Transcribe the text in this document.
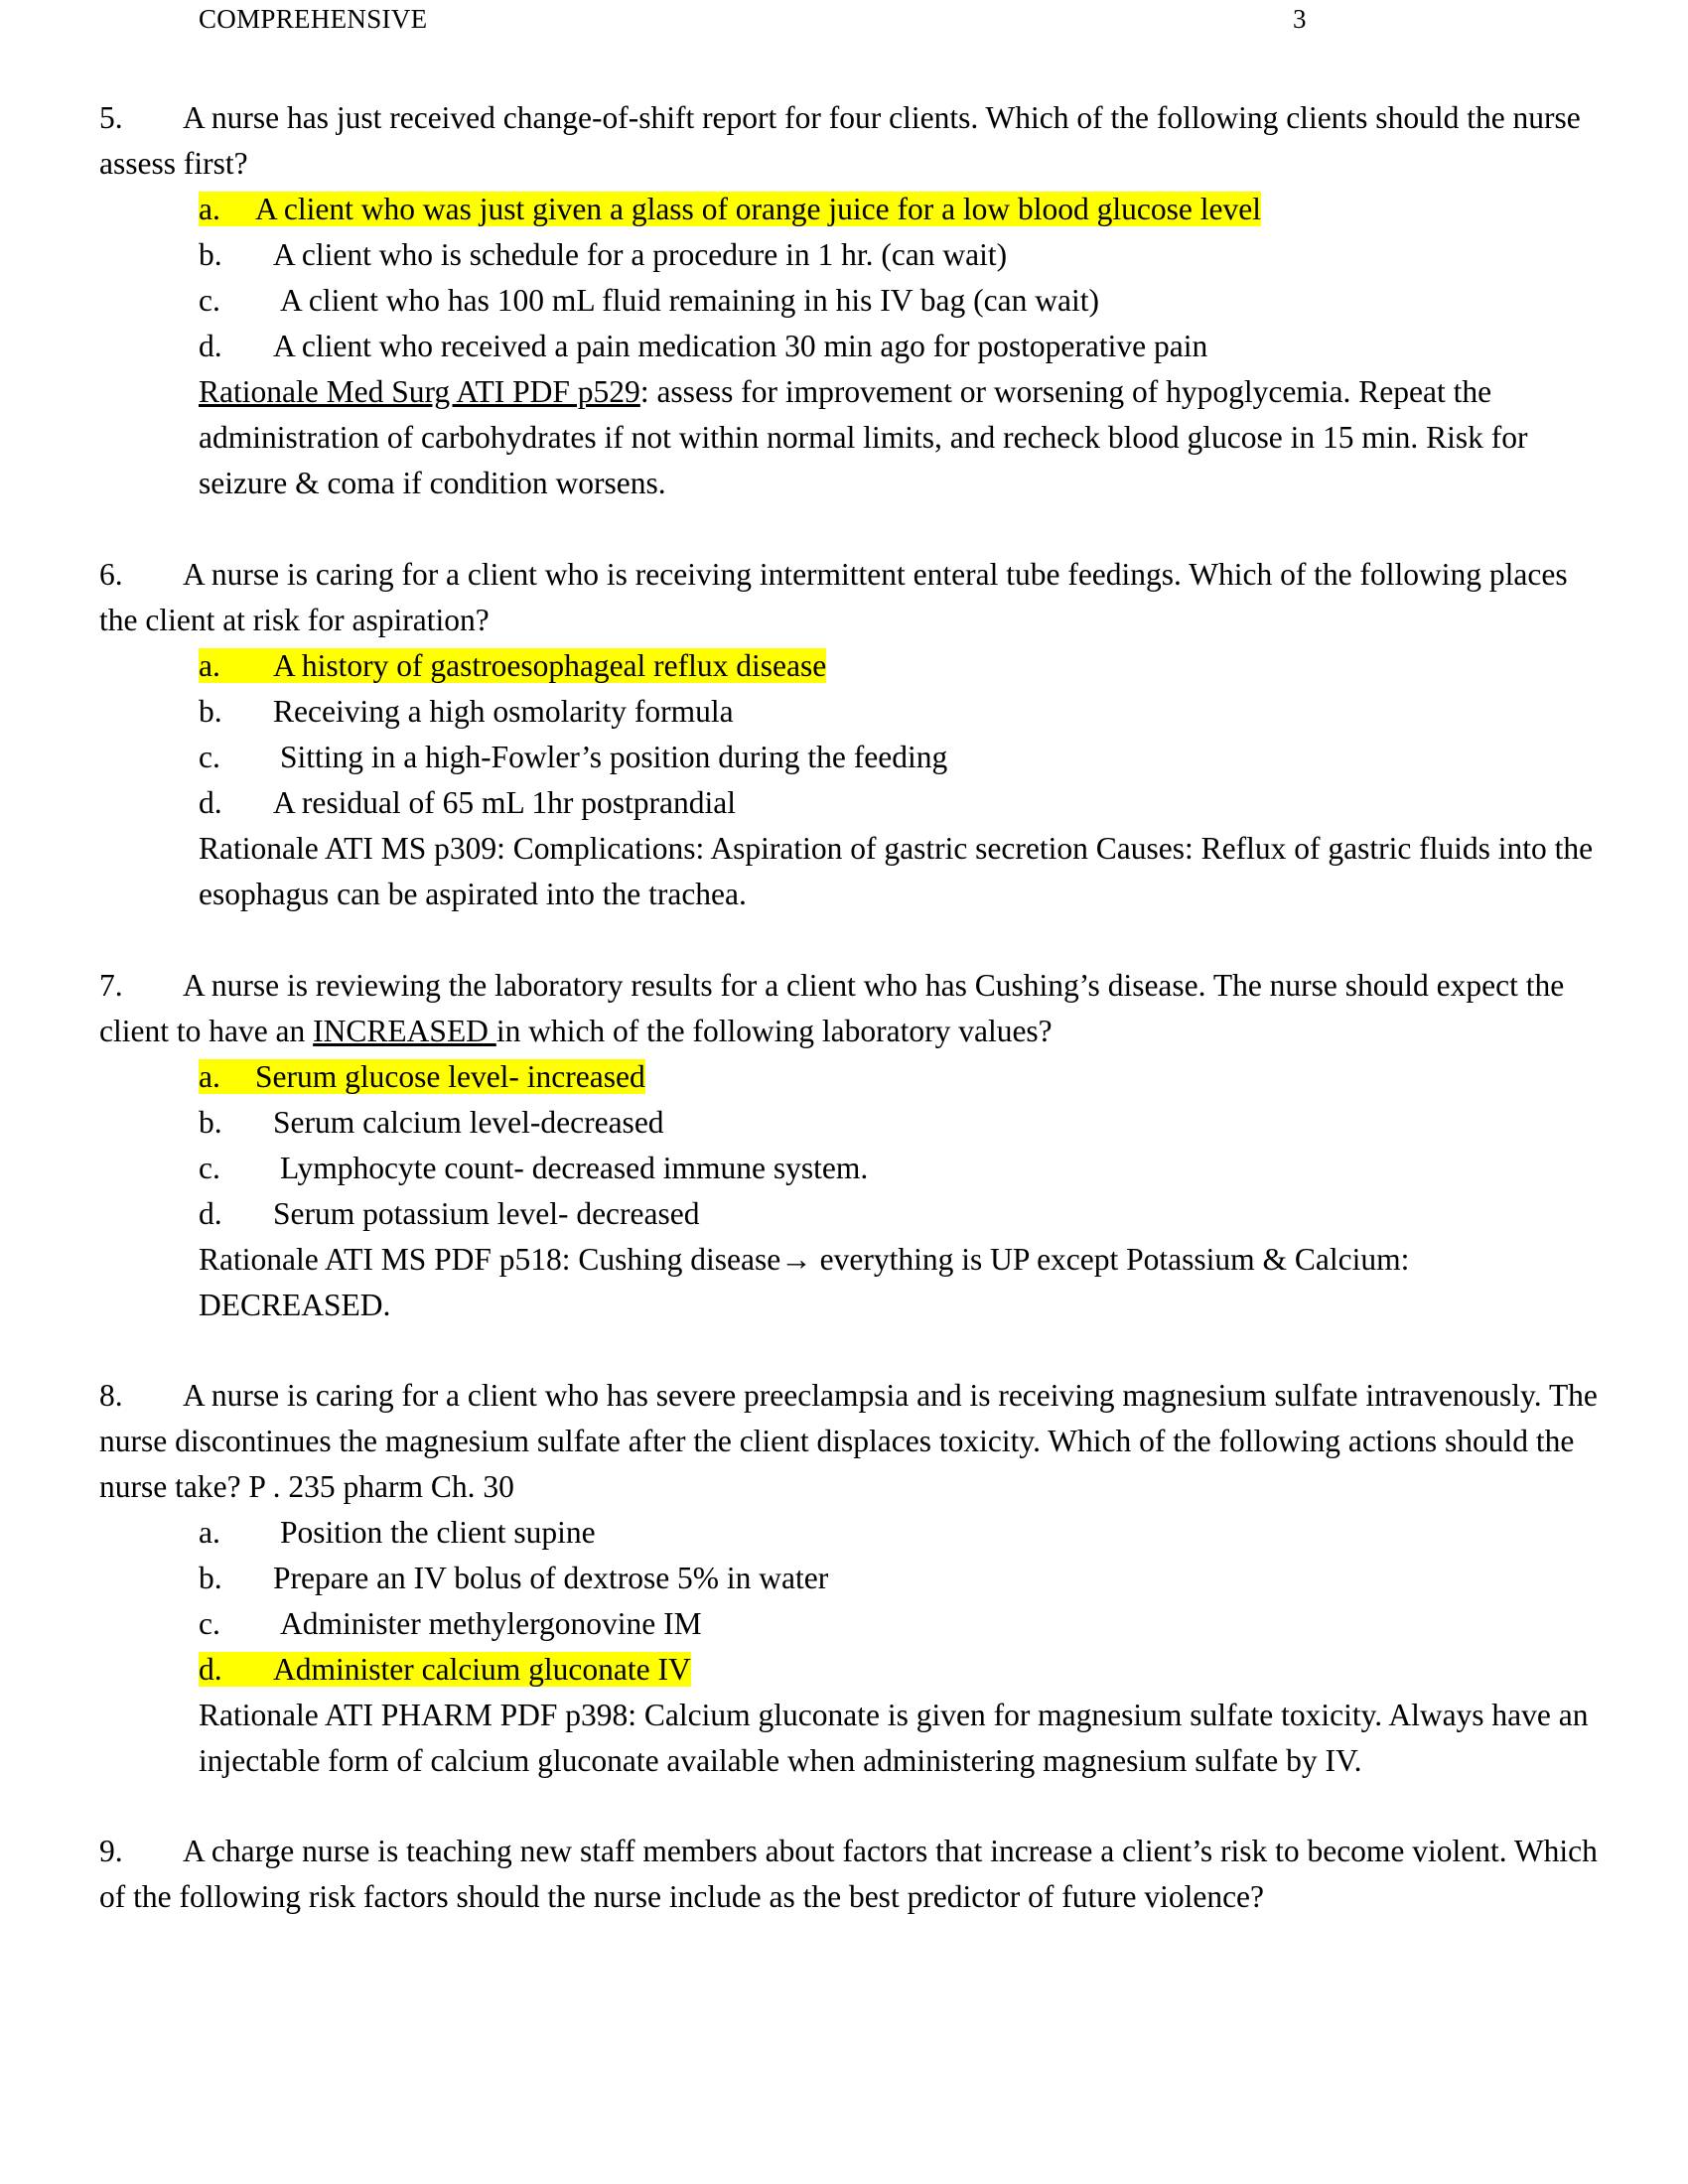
COMPREHENSIVE	3

5. A nurse has just received change-of-shift report for four clients. Which of the following clients should the nurse assess first?

a. A client who was just given a glass of orange juice for a low blood glucose level
b. A client who is schedule for a procedure in 1 hr. (can wait)
c. A client who has 100 mL fluid remaining in his IV bag (can wait)
d. A client who received a pain medication 30 min ago for postoperative pain

Rationale Med Surg ATI PDF p529: assess for improvement or worsening of hypoglycemia. Repeat the administration of carbohydrates if not within normal limits, and recheck blood glucose in 15 min. Risk for seizure & coma if condition worsens.

6. A nurse is caring for a client who is receiving intermittent enteral tube feedings. Which of the following places the client at risk for aspiration?

a. A history of gastroesophageal reflux disease
b. Receiving a high osmolarity formula
c. Sitting in a high-Fowler’s position during the feeding
d. A residual of 65 mL 1hr postprandial

Rationale ATI MS p309: Complications: Aspiration of gastric secretion Causes: Reflux of gastric fluids into the esophagus can be aspirated into the trachea.

7. A nurse is reviewing the laboratory results for a client who has Cushing’s disease. The nurse should expect the client to have an INCREASED in which of the following laboratory values?

a. Serum glucose level- increased
b. Serum calcium level-decreased
c. Lymphocyte count- decreased immune system.
d. Serum potassium level- decreased

Rationale ATI MS PDF p518: Cushing disease→ everything is UP except Potassium & Calcium: DECREASED.

8. A nurse is caring for a client who has severe preeclampsia and is receiving magnesium sulfate intravenously. The nurse discontinues the magnesium sulfate after the client displaces toxicity. Which of the following actions should the nurse take? P . 235 pharm Ch. 30

a. Position the client supine
b. Prepare an IV bolus of dextrose 5% in water
c. Administer methylergonovine IM
d. Administer calcium gluconate IV

Rationale ATI PHARM PDF p398: Calcium gluconate is given for magnesium sulfate toxicity. Always have an injectable form of calcium gluconate available when administering magnesium sulfate by IV.

9. A charge nurse is teaching new staff members about factors that increase a client’s risk to become violent. Which of the following risk factors should the nurse include as the best predictor of future violence?
